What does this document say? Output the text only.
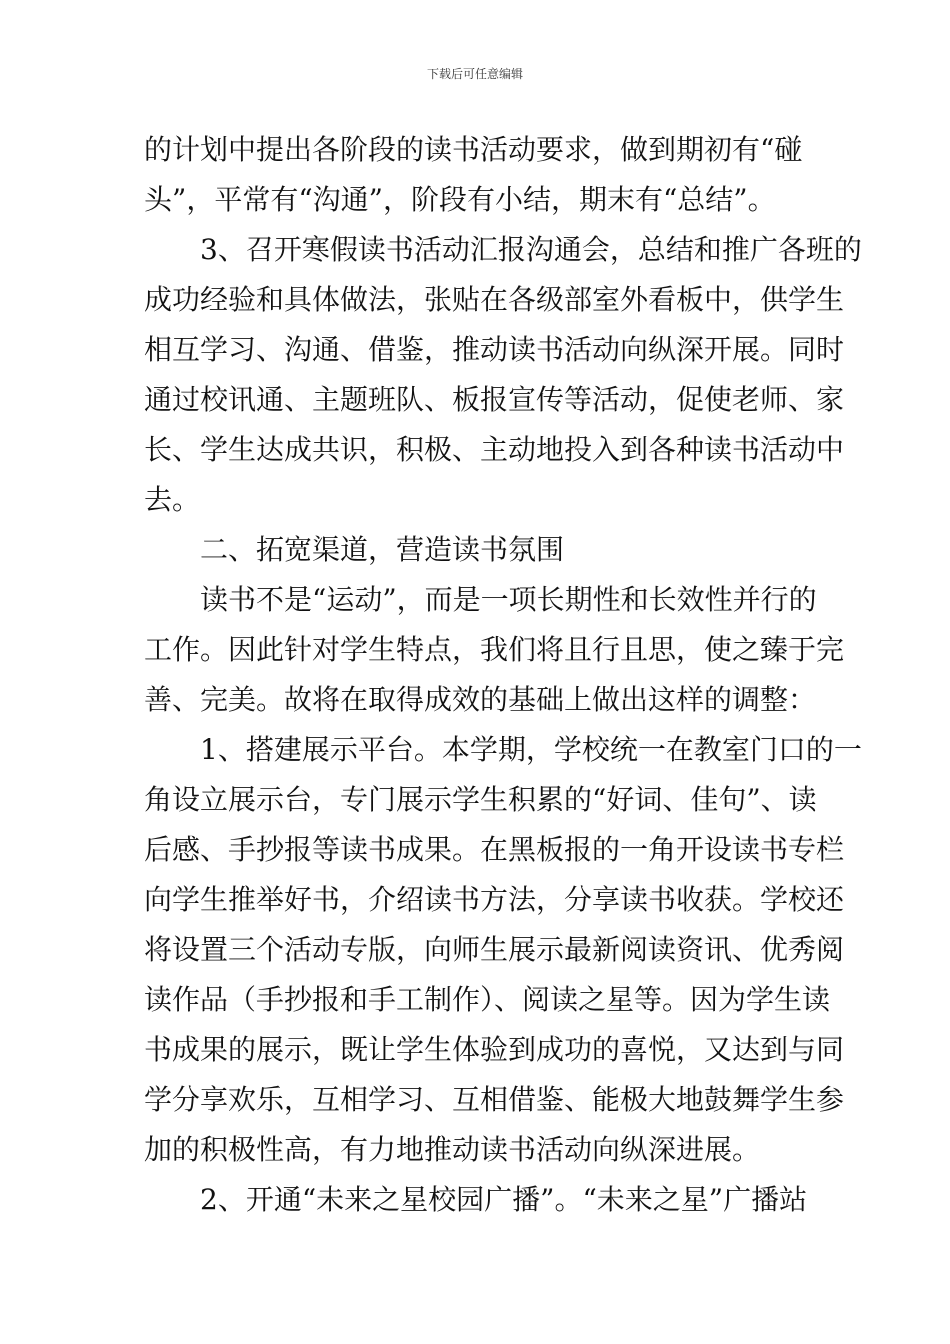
下载后可任意编辑
的计划中提出各阶段的读书活动要求，做到期初有“碰
头”，平常有“沟通”，阶段有小结，期末有“总结”。
　　3、召开寒假读书活动汇报沟通会，总结和推广各班的
成功经验和具体做法，张贴在各级部室外看板中，供学生
相互学习、沟通、借鉴，推动读书活动向纵深开展。同时
通过校讯通、主题班队、板报宣传等活动，促使老师、家
长、学生达成共识，积极、主动地投入到各种读书活动中
去。
　　二、拓宽渠道，营造读书氛围
　　读书不是“运动”，而是一项长期性和长效性并行的
工作。因此针对学生特点，我们将且行且思，使之臻于完
善、完美。故将在取得成效的基础上做出这样的调整：
　　1、搭建展示平台。本学期，学校统一在教室门口的一
角设立展示台，专门展示学生积累的“好词、佳句”、读
后感、手抄报等读书成果。在黑板报的一角开设读书专栏
向学生推举好书，介绍读书方法，分享读书收获。学校还
将设置三个活动专版，向师生展示最新阅读资讯、优秀阅
读作品（手抄报和手工制作）、阅读之星等。因为学生读
书成果的展示，既让学生体验到成功的喜悦，又达到与同
学分享欢乐，互相学习、互相借鉴、能极大地鼓舞学生参
加的积极性高，有力地推动读书活动向纵深进展。
　　2、开通“未来之星校园广播”。“未来之星”广播站
